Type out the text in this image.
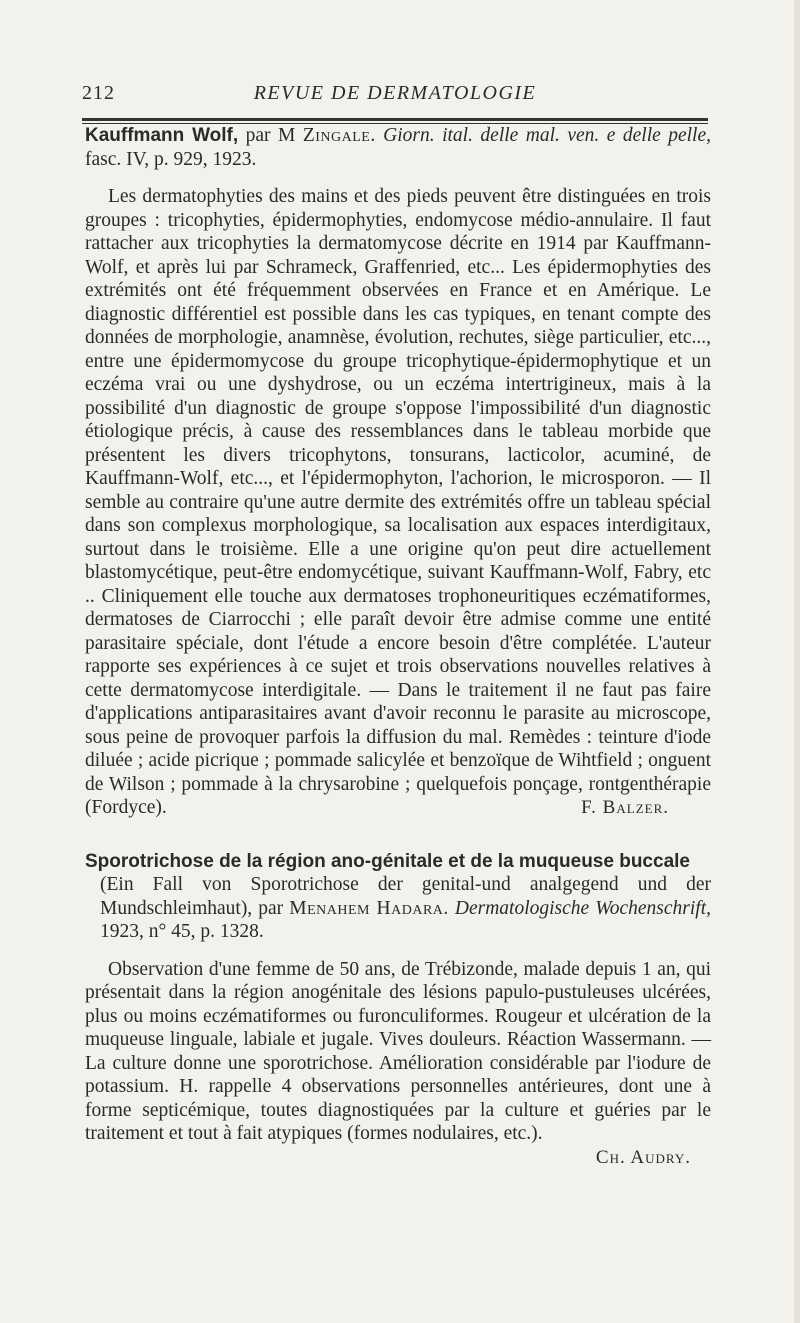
212	REVUE DE DERMATOLOGIE

Kauffmann Wolf, par M Zingale. Giorn. ital. delle mal. ven. e delle pelle, fasc. IV, p. 929, 1923.

Les dermatophyties des mains et des pieds peuvent être distinguées en trois groupes : tricophyties, épidermophyties, endomycose médio-annulaire. Il faut rattacher aux tricophyties la dermatomycose décrite en 1914 par Kauffmann-Wolf, et après lui par Schrameck, Graffenried, etc... Les épidermophyties des extrémités ont été fréquemment observées en France et en Amérique. Le diagnostic différentiel est possible dans les cas typiques, en tenant compte des données de morphologie, anamnèse, évolution, rechutes, siège particulier, etc..., entre une épidermomycose du groupe tricophytique-épidermophytique et un eczéma vrai ou une dyshydrose, ou un eczéma intertrigineux, mais à la possibilité d'un diagnostic de groupe s'oppose l'impossibilité d'un diagnostic étiologique précis, à cause des ressemblances dans le tableau morbide que présentent les divers tricophytons, tonsurans, lacticolor, acuminé, de Kauffmann-Wolf, etc..., et l'épidermophyton, l'achorion, le microsporon. — Il semble au contraire qu'une autre dermite des extrémités offre un tableau spécial dans son complexus morphologique, sa localisation aux espaces interdigitaux, surtout dans le troisième. Elle a une origine qu'on peut dire actuellement blastomycétique, peut-être endomycétique, suivant Kauffmann-Wolf, Fabry, etc .. Cliniquement elle touche aux dermatoses trophoneuritiques eczématiformes, dermatoses de Ciarrocchi ; elle paraît devoir être admise comme une entité parasitaire spéciale, dont l'étude a encore besoin d'être complétée. L'auteur rapporte ses expériences à ce sujet et trois observations nouvelles relatives à cette dermatomycose interdigitale. — Dans le traitement il ne faut pas faire d'applications antiparasitaires avant d'avoir reconnu le parasite au microscope, sous peine de provoquer parfois la diffusion du mal. Remèdes : teinture d'iode diluée ; acide picrique ; pommade salicylée et benzoïque de Wihtfield ; onguent de Wilson ; pommade à la chrysarobine ; quelquefois ponçage, rontgenthérapie (Fordyce).	F. Balzer.

Sporotrichose de la région ano-génitale et de la muqueuse buccale

(Ein Fall von Sporotrichose der genital-und analgegend und der Mundschleimhaut), par Menahem Hadara. Dermatologische Wochenschrift, 1923, n° 45, p. 1328.

Observation d'une femme de 50 ans, de Trébizonde, malade depuis 1 an, qui présentait dans la région anogénitale des lésions papulo-pustuleuses ulcérées, plus ou moins eczématiformes ou furonculiformes. Rougeur et ulcération de la muqueuse linguale, labiale et jugale. Vives douleurs. Réaction Wassermann. — La culture donne une sporotrichose. Amélioration considérable par l'iodure de potassium. H. rappelle 4 observations personnelles antérieures, dont une à forme septicémique, toutes diagnostiquées par la culture et guéries par le traitement et tout à fait atypiques (formes nodulaires, etc.).

Ch. Audry.
